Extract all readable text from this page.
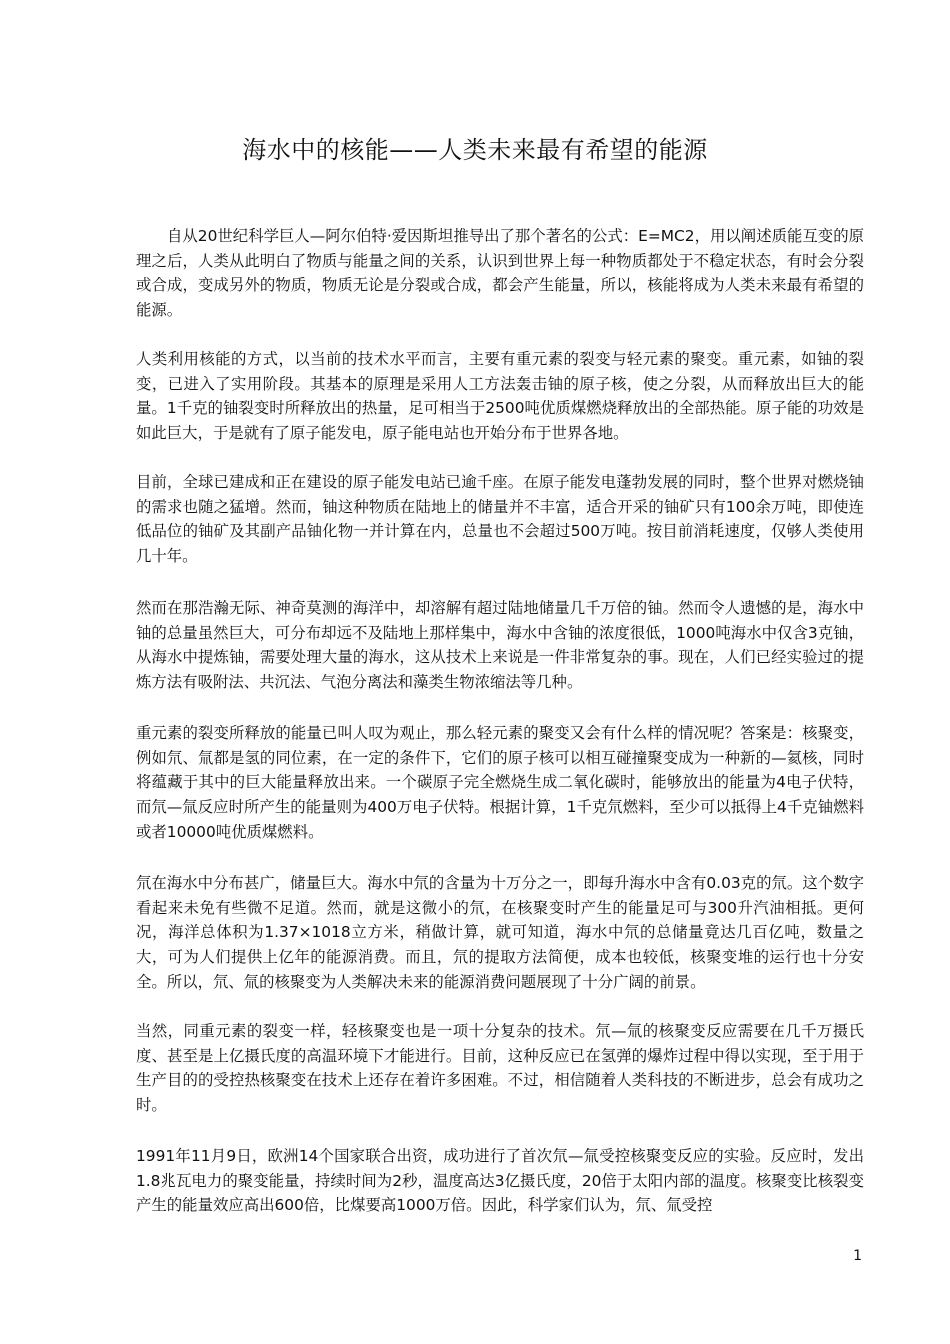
海水中的核能——人类未来最有希望的能源

自从20世纪科学巨人—阿尔伯特·爱因斯坦推导出了那个著名的公式：E=MC2，用以阐述质能互变的原理之后，人类从此明白了物质与能量之间的关系，认识到世界上每一种物质都处于不稳定状态，有时会分裂或合成，变成另外的物质，物质无论是分裂或合成，都会产生能量，所以，核能将成为人类未来最有希望的能源。

人类利用核能的方式，以当前的技术水平而言，主要有重元素的裂变与轻元素的聚变。重元素，如铀的裂变，已进入了实用阶段。其基本的原理是采用人工方法轰击铀的原子核，使之分裂，从而释放出巨大的能量。1千克的铀裂变时所释放出的热量，足可相当于2500吨优质煤燃烧释放出的全部热能。原子能的功效是如此巨大，于是就有了原子能发电，原子能电站也开始分布于世界各地。

目前，全球已建成和正在建设的原子能发电站已逾千座。在原子能发电蓬勃发展的同时，整个世界对燃烧铀的需求也随之猛增。然而，铀这种物质在陆地上的储量并不丰富，适合开采的铀矿只有100余万吨，即使连低品位的铀矿及其副产品铀化物一并计算在内，总量也不会超过500万吨。按目前消耗速度，仅够人类使用几十年。

然而在那浩瀚无际、神奇莫测的海洋中，却溶解有超过陆地储量几千万倍的铀。然而令人遗憾的是，海水中铀的总量虽然巨大，可分布却远不及陆地上那样集中，海水中含铀的浓度很低，1000吨海水中仅含3克铀，从海水中提炼铀，需要处理大量的海水，这从技术上来说是一件非常复杂的事。现在，人们已经实验过的提炼方法有吸附法、共沉法、气泡分离法和藻类生物浓缩法等几种。

重元素的裂变所释放的能量已叫人叹为观止，那么轻元素的聚变又会有什么样的情况呢？答案是：核聚变，例如氘、氚都是氢的同位素，在一定的条件下，它们的原子核可以相互碰撞聚变成为一种新的—氦核，同时将蕴藏于其中的巨大能量释放出来。一个碳原子完全燃烧生成二氧化碳时，能够放出的能量为4电子伏特，而氘—氚反应时所产生的能量则为400万电子伏特。根据计算，1千克氘燃料，至少可以抵得上4千克铀燃料或者10000吨优质煤燃料。

氘在海水中分布甚广，储量巨大。海水中氘的含量为十万分之一，即每升海水中含有0.03克的氘。这个数字看起来未免有些微不足道。然而，就是这微小的氘，在核聚变时产生的能量足可与300升汽油相抵。更何况，海洋总体积为1.37×1018立方米，稍做计算，就可知道，海水中氘的总储量竟达几百亿吨，数量之大，可为人们提供上亿年的能源消费。而且，氘的提取方法简便，成本也较低，核聚变堆的运行也十分安全。所以，氘、氚的核聚变为人类解决未来的能源消费问题展现了十分广阔的前景。

当然，同重元素的裂变一样，轻核聚变也是一项十分复杂的技术。氘—氚的核聚变反应需要在几千万摄氏度、甚至是上亿摄氏度的高温环境下才能进行。目前，这种反应已在氢弹的爆炸过程中得以实现，至于用于生产目的的受控热核聚变在技术上还存在着许多困难。不过，相信随着人类科技的不断进步，总会有成功之时。

1991年11月9日，欧洲14个国家联合出资，成功进行了首次氘—氚受控核聚变反应的实验。反应时，发出1.8兆瓦电力的聚变能量，持续时间为2秒，温度高达3亿摄氏度，20倍于太阳内部的温度。核聚变比核裂变产生的能量效应高出600倍，比煤要高1000万倍。因此，科学家们认为，氘、氚受控

1
